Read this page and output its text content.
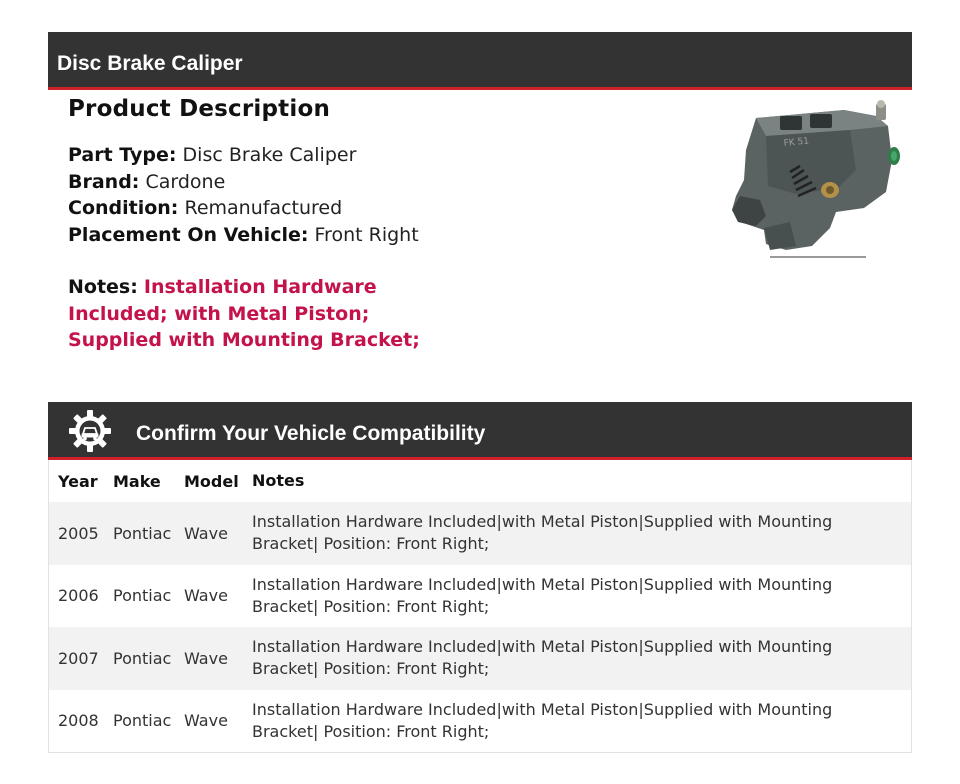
Disc Brake Caliper
Product Description
Part Type: Disc Brake Caliper
Brand: Cardone
Condition: Remanufactured
Placement On Vehicle: Front Right
Notes: Installation Hardware Included; with Metal Piston; Supplied with Mounting Bracket;
FK 51
Confirm Your Vehicle Compatibility
Year Make	Model Notes
2005 Pontiac Wave
Installation Hardware Included|with Metal Piston|Supplied with Mounting Bracket| Position: Front Right;
2006 Pontiac Wave
Installation Hardware Included|with Metal Piston|Supplied with Mounting Bracket| Position: Front Right;
2007 Pontiac Wave
Installation Hardware Included|with Metal Piston|Supplied with Mounting Bracket| Position: Front Right;
2008 Pontiac Wave
Installation Hardware Included|with Metal Piston|Supplied with Mounting Bracket| Position: Front Right;
